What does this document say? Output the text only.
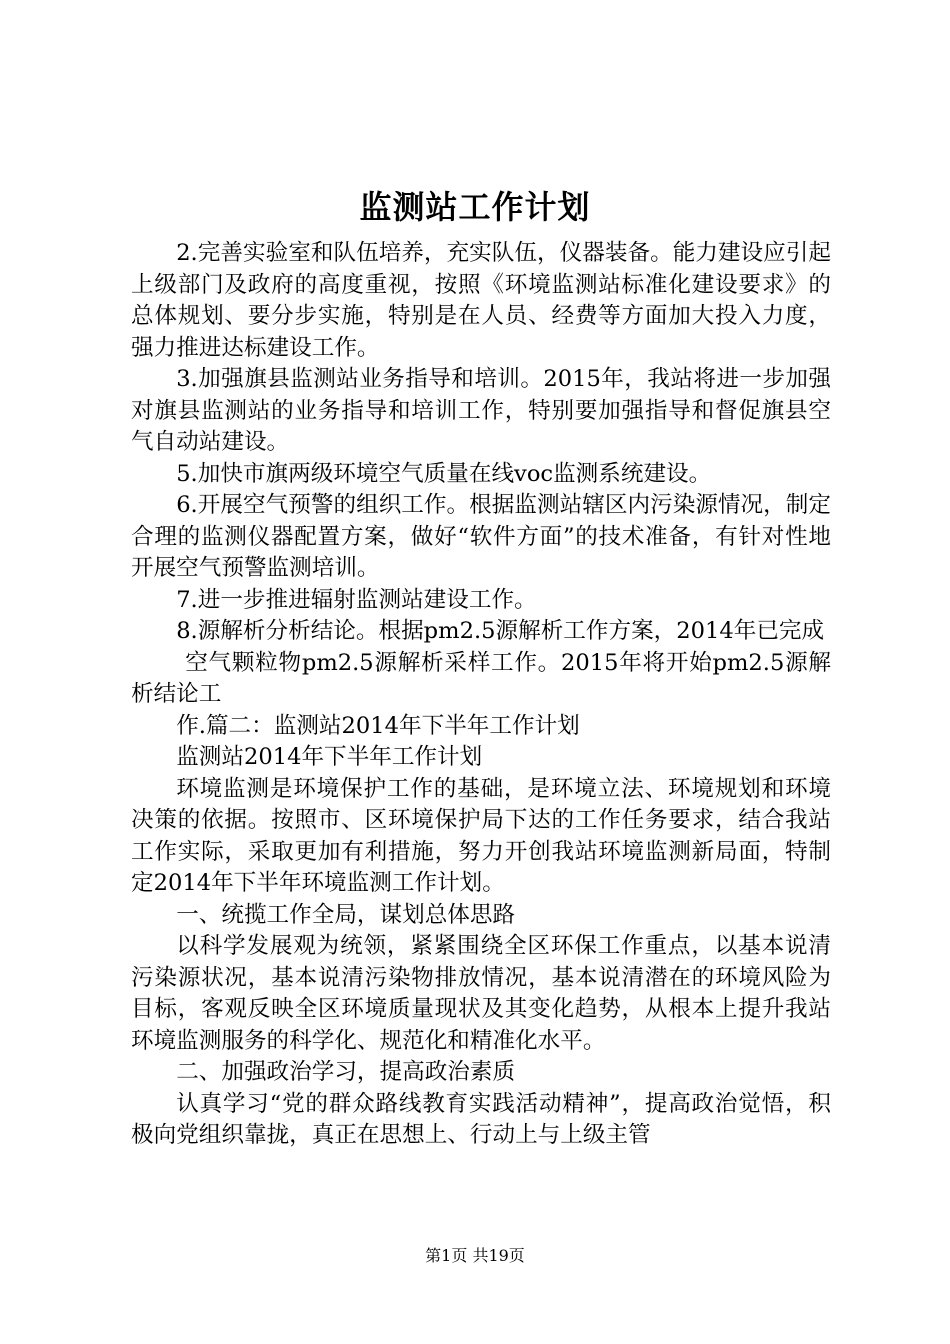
监测站工作计划

2.完善实验室和队伍培养，充实队伍，仪器装备。能力建设应引起上级部门及政府的高度重视，按照《环境监测站标准化建设要求》的总体规划、要分步实施，特别是在人员、经费等方面加大投入力度，强力推进达标建设工作。

3.加强旗县监测站业务指导和培训。2015年，我站将进一步加强对旗县监测站的业务指导和培训工作，特别要加强指导和督促旗县空气自动站建设。

5.加快市旗两级环境空气质量在线voc监测系统建设。

6.开展空气预警的组织工作。根据监测站辖区内污染源情况，制定合理的监测仪器配置方案，做好“软件方面”的技术准备，有针对性地开展空气预警监测培训。

7.进一步推进辐射监测站建设工作。

8.源解析分析结论。根据pm2.5源解析工作方案，2014年已完成

空气颗粒物pm2.5源解析采样工作。2015年将开始pm2.5源解析结论工

作.篇二：监测站2014年下半年工作计划

监测站2014年下半年工作计划

环境监测是环境保护工作的基础，是环境立法、环境规划和环境决策的依据。按照市、区环境保护局下达的工作任务要求，结合我站工作实际，采取更加有利措施，努力开创我站环境监测新局面，特制定2014年下半年环境监测工作计划。

一、统揽工作全局，谋划总体思路

以科学发展观为统领，紧紧围绕全区环保工作重点，以基本说清污染源状况，基本说清污染物排放情况，基本说清潜在的环境风险为目标，客观反映全区环境质量现状及其变化趋势，从根本上提升我站环境监测服务的科学化、规范化和精准化水平。

二、加强政治学习，提高政治素质

认真学习“党的群众路线教育实践活动精神”，提高政治觉悟，积极向党组织靠拢，真正在思想上、行动上与上级主管

第1页 共19页
